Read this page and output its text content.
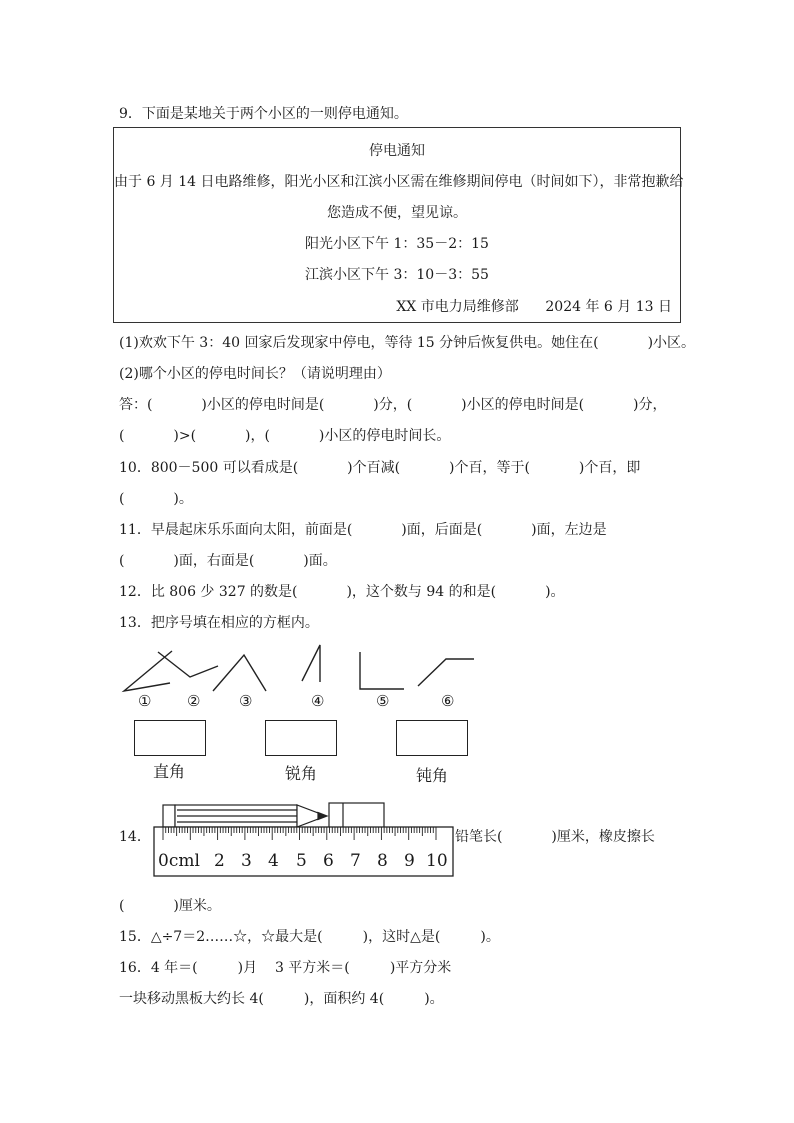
9．下面是某地关于两个小区的一则停电通知。
停电通知
由于 6 月 14 日电路维修，阳光小区和江滨小区需在维修期间停电（时间如下），非常抱歉给
您造成不便，望见谅。
阳光小区下午 1：35－2：15
江滨小区下午 3：10－3：55
XX 市电力局维修部      2024 年 6 月 13 日
(1)欢欢下午 3：40 回家后发现家中停电，等待 15 分钟后恢复供电。她住在(           )小区。
(2)哪个小区的停电时间长？（请说明理由）
答：(           )小区的停电时间是(           )分，(           )小区的停电时间是(           )分，
(           )>(           )，(           )小区的停电时间长。
10．800－500 可以看成是(           )个百减(           )个百，等于(           )个百，即
(           )。
11．早晨起床乐乐面向太阳，前面是(           )面，后面是(           )面，左边是
(           )面，右面是(           )面。
12．比 806 少 327 的数是(           )，这个数与 94 的和是(           )。
13．把序号填在相应的方框内。
① ②	③	④	⑤	⑥
直角	锐角	钝角
14．	铅笔长(           )厘米，橡皮擦长
0cml 2 3 4 5 6 7 8 9 10
(           )厘米。
15．△÷7＝2……☆，☆最大是(         )，这时△是(         )。
16．4 年＝(         )月    3 平方米＝(         )平方分米
一块移动黑板大约长 4(         )，面积约 4(         )。
